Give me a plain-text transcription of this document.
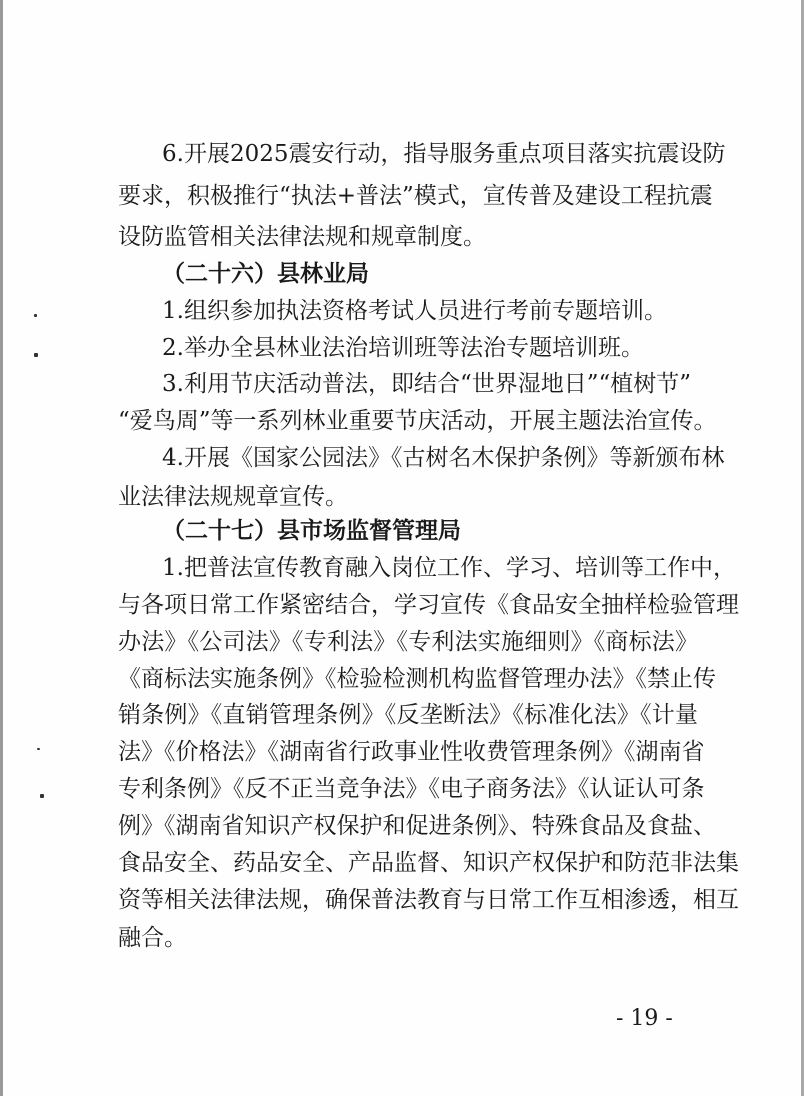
6.开展2025震安行动，指导服务重点项目落实抗震设防
要求，积极推行“执法+普法”模式，宣传普及建设工程抗震
设防监管相关法律法规和规章制度。
（二十六）县林业局
1.组织参加执法资格考试人员进行考前专题培训。
2.举办全县林业法治培训班等法治专题培训班。
3.利用节庆活动普法，即结合“世界湿地日”“植树节”
“爱鸟周”等一系列林业重要节庆活动，开展主题法治宣传。
4.开展《国家公园法》《古树名木保护条例》等新颁布林
业法律法规规章宣传。
（二十七）县市场监督管理局
1.把普法宣传教育融入岗位工作、学习、培训等工作中，
与各项日常工作紧密结合，学习宣传《食品安全抽样检验管理
办法》《公司法》《专利法》《专利法实施细则》《商标法》
《商标法实施条例》《检验检测机构监督管理办法》《禁止传
销条例》《直销管理条例》《反垄断法》《标准化法》《计量
法》《价格法》《湖南省行政事业性收费管理条例》《湖南省
专利条例》《反不正当竞争法》《电子商务法》《认证认可条
例》《湖南省知识产权保护和促进条例》、特殊食品及食盐、
食品安全、药品安全、产品监督、知识产权保护和防范非法集
资等相关法律法规，确保普法教育与日常工作互相渗透，相互
融合。
- 19 -
